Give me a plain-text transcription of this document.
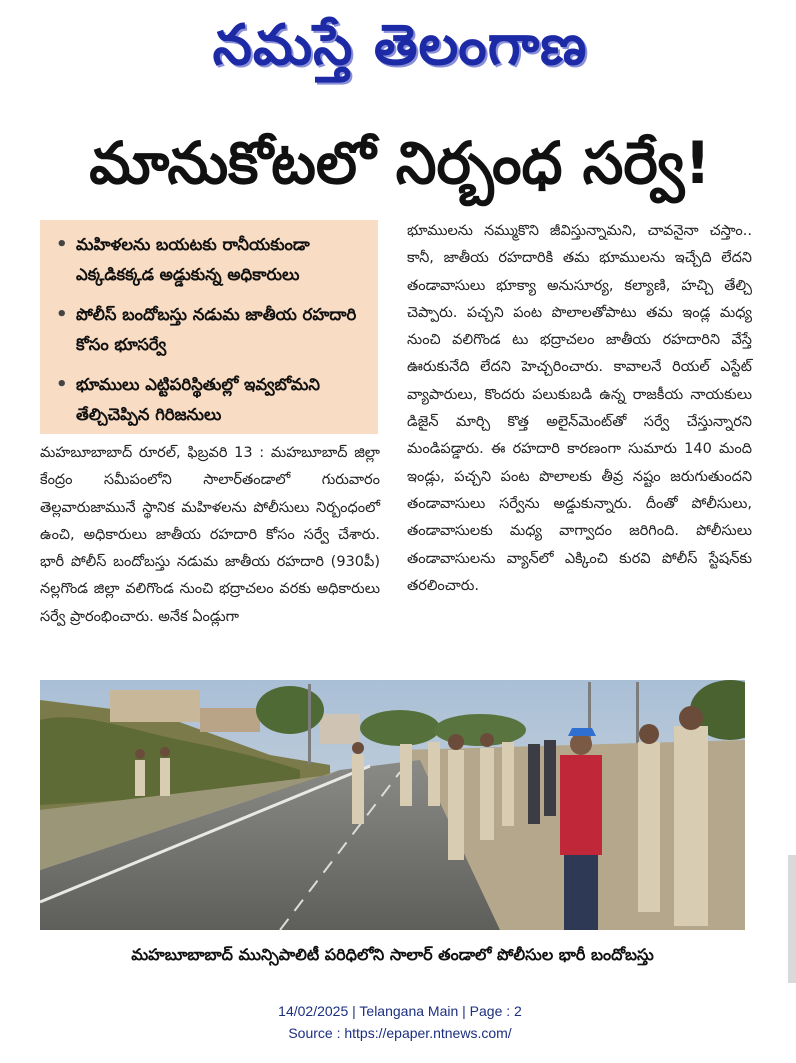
నమస్తే తెలంగాణ
మానుకోటలో నిర్బంధ సర్వే!
• మహిళలను బయటకు రానీయకుండా ఎక్కడికక్కడ అడ్డుకున్న అధికారులు
• పోలీస్ బందోబస్తు నడుమ జాతీయ రహదారి కోసం భూసర్వే
• భూములు ఎట్టిపరిస్థితుల్లో ఇవ్వబోమని తేల్చిచెప్పిన గిరిజనులు

మహబూబాబాద్ రూరల్, ఫిబ్రవరి 13 : మహబూబాద్ జిల్లా కేంద్రం సమీపంలోని సాలార్‌తండాలో గురువారం తెల్లవారుజామునే స్థానిక మహిళలను పోలీసులు నిర్బంధంలో ఉంచి, అధికారులు జాతీయ రహదారి కోసం సర్వే చేశారు. భారీ పోలీస్ బందోబస్తు నడుమ జాతీయ రహదారి (930పీ) నల్లగొండ జిల్లా వలిగొండ నుంచి భద్రాచలం వరకు అధికారులు సర్వే ప్రారంభించారు. అనేక ఏండ్లుగా

భూములను నమ్ముకొని జీవిస్తున్నామని, చావనైనా చస్తాం.. కానీ, జాతీయ రహదారికి తమ భూములను ఇచ్చేది లేదని తండావాసులు భూక్యా అనుసూర్య, కల్యాణి, హచ్చి తేల్చి చెప్పారు. పచ్చని పంట పొలాలతోపాటు తమ ఇండ్ల మధ్య నుంచి వలిగొండ టు భద్రాచలం జాతీయ రహదారిని వేస్తే ఊరుకునేది లేదని హెచ్చరించారు. కావాలనే రియల్ ఎస్టేట్ వ్యాపారులు, కొందరు పలుకుబడి ఉన్న రాజకీయ నాయకులు డిజైన్ మార్చి కొత్త అలైన్‌మెంట్‌తో సర్వే చేస్తున్నారని మండిపడ్డారు. ఈ రహదారి కారణంగా సుమారు 140 మంది ఇండ్లు, పచ్చని పంట పొలాలకు తీవ్ర నష్టం జరుగుతుందని తండావాసులు సర్వేను అడ్డుకున్నారు. దీంతో పోలీసులు, తండావాసులకు మధ్య వాగ్వాదం జరిగింది. పోలీసులు తండావాసులను వ్యాన్‌లో ఎక్కించి కురవి పోలీస్ స్టేషన్‌కు తరలించారు.

మహబూబాబాద్ మున్సిపాలిటీ పరిధిలోని సాలార్ తండాలో పోలీసుల భారీ బందోబస్తు
14/02/2025 | Telangana Main | Page : 2
Source : https://epaper.ntnews.com/
